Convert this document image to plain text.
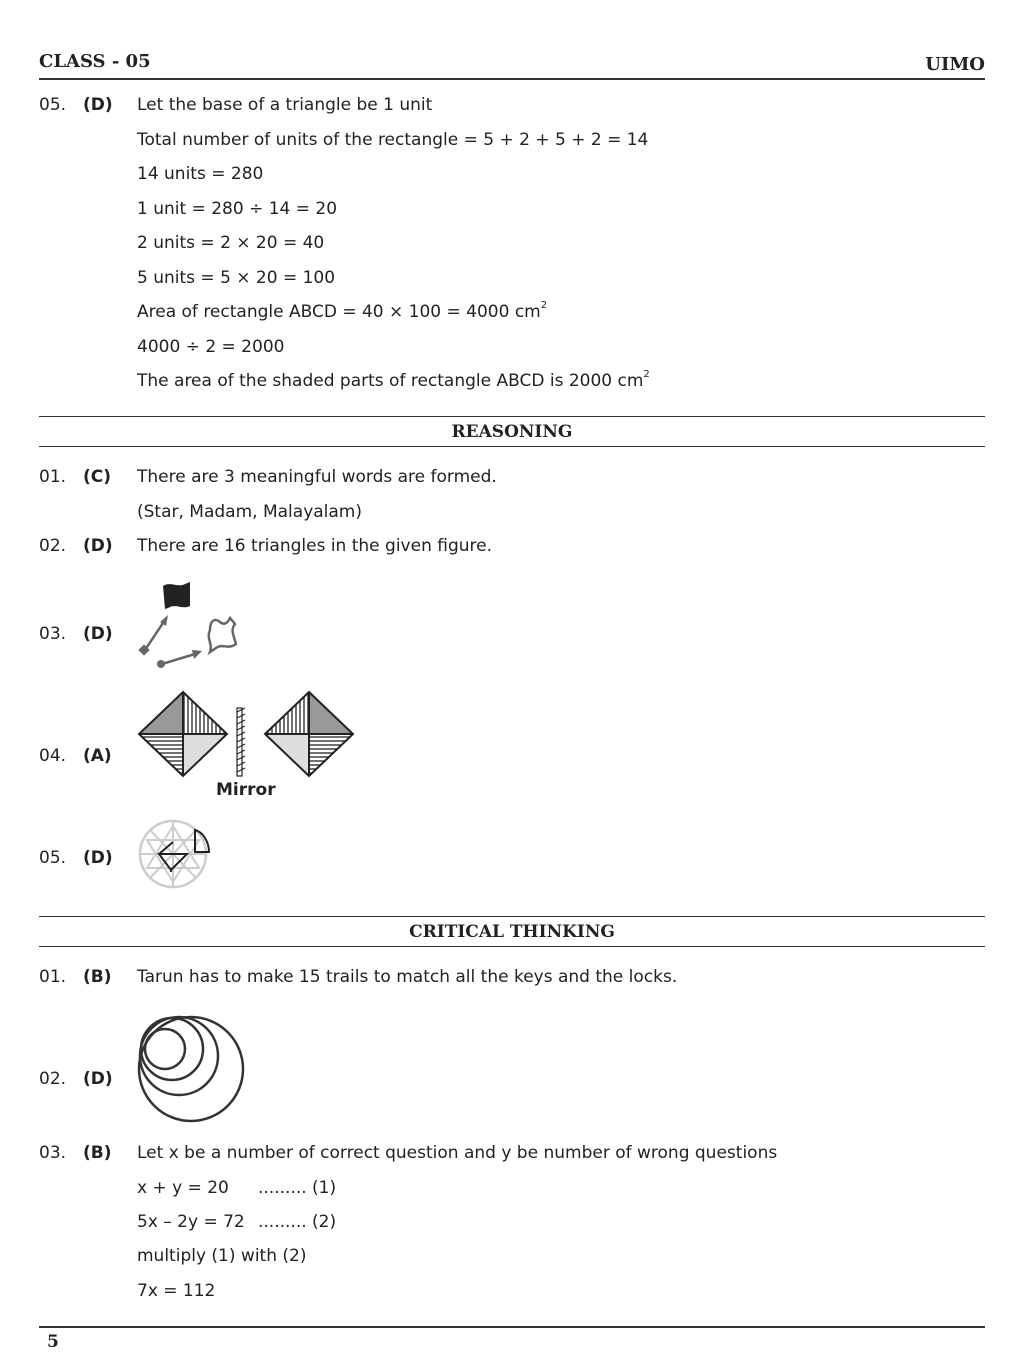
CLASS - 05	UIMO
05. (D) Let the base of a triangle be 1 unit
Total number of units of the rectangle = 5 + 2 + 5 + 2 = 14
14 units = 280
1 unit = 280 ÷ 14 = 20
2 units = 2 × 20 = 40
5 units = 5 × 20 = 100
Area of rectangle ABCD = 40 × 100 = 4000 $cm^2$
4000 ÷ 2 = 2000
The area of the shaded parts of rectangle ABCD is 2000 $cm^2$
REASONING
01. (C) There are 3 meaningful words are formed.
(Star, Madam, Malayalam)
02. (D) There are 16 triangles in the given figure.
03. (D)
04. (A)
Mirror
05. (D)
CRITICAL THINKING
01. (B) Tarun has to make 15 trails to match all the keys and the locks.
02. (D)
03. (B) Let x be a number of correct question and y be number of wrong questions
x + y = 20 ......... (1)
5x – 2y = 72 ......... (2)
multiply (1) with (2)
7x = 112
5
